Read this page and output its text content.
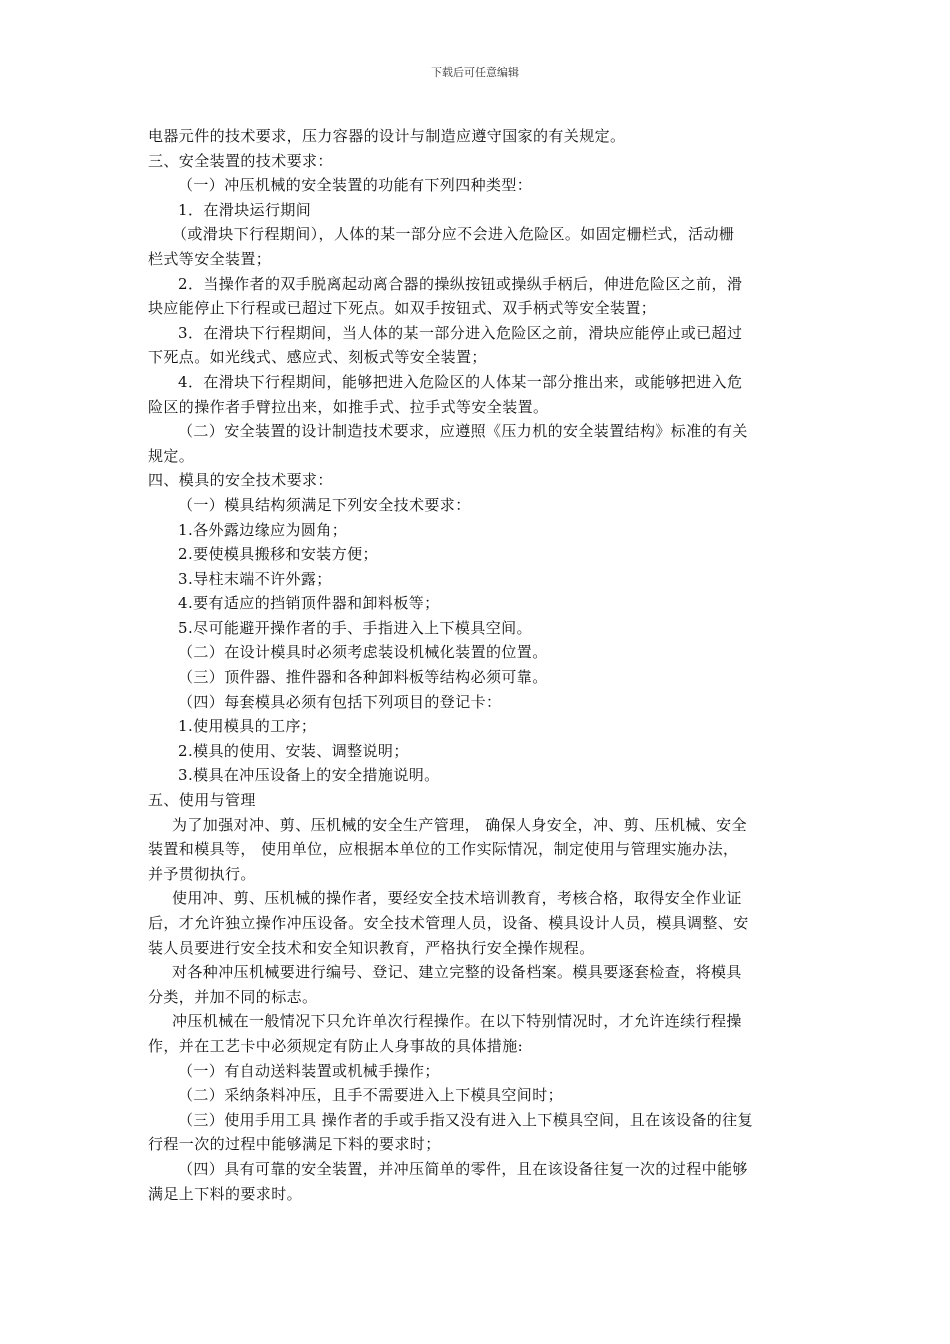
下载后可任意编辑
电器元件的技术要求，压力容器的设计与制造应遵守国家的有关规定。
三、安全装置的技术要求：
（一）冲压机械的安全装置的功能有下列四种类型：
1．在滑块运行期间
（或滑块下行程期间），人体的某一部分应不会进入危险区。如固定栅栏式，活动栅
栏式等安全装置；
2．当操作者的双手脱离起动离合器的操纵按钮或操纵手柄后，伸进危险区之前，滑
块应能停止下行程或已超过下死点。如双手按钮式、双手柄式等安全装置；
3．在滑块下行程期间，当人体的某一部分进入危险区之前，滑块应能停止或已超过
下死点。如光线式、感应式、刻板式等安全装置；
4．在滑块下行程期间，能够把进入危险区的人体某一部分推出来，或能够把进入危
险区的操作者手臂拉出来，如推手式、拉手式等安全装置。
（二）安全装置的设计制造技术要求，应遵照《压力机的安全装置结构》标准的有关
规定。
四、模具的安全技术要求：
（一）模具结构须满足下列安全技术要求：
1.各外露边缘应为圆角；
2.要使模具搬移和安装方便；
3.导柱末端不许外露；
4.要有适应的挡销顶件器和卸料板等；
5.尽可能避开操作者的手、手指进入上下模具空间。
（二）在设计模具时必须考虑装设机械化装置的位置。
（三）顶件器、推件器和各种卸料板等结构必须可靠。
（四）每套模具必须有包括下列项目的登记卡：
1.使用模具的工序；
2.模具的使用、安装、调整说明；
3.模具在冲压设备上的安全措施说明。
五、使用与管理
为了加强对冲、剪、压机械的安全生产管理， 确保人身安全，冲、剪、压机械、安全
装置和模具等， 使用单位，应根据本单位的工作实际情况，制定使用与管理实施办法，
并予贯彻执行。
使用冲、剪、压机械的操作者，要经安全技术培训教育，考核合格，取得安全作业证
后，才允许独立操作冲压设备。安全技术管理人员，设备、模具设计人员，模具调整、安
装人员要进行安全技术和安全知识教育，严格执行安全操作规程。
对各种冲压机械要进行编号、登记、建立完整的设备档案。模具要逐套检查，将模具
分类，并加不同的标志。
冲压机械在一般情况下只允许单次行程操作。在以下特别情况时，才允许连续行程操
作，并在工艺卡中必须规定有防止人身事故的具体措施:
（一）有自动送料装置或机械手操作；
（二）采纳条料冲压，且手不需要进入上下模具空间时；
（三）使用手用工具 操作者的手或手指又没有进入上下模具空间，且在该设备的往复
行程一次的过程中能够满足下料的要求时；
（四）具有可靠的安全装置，并冲压简单的零件，且在该设备往复一次的过程中能够
满足上下料的要求时。
